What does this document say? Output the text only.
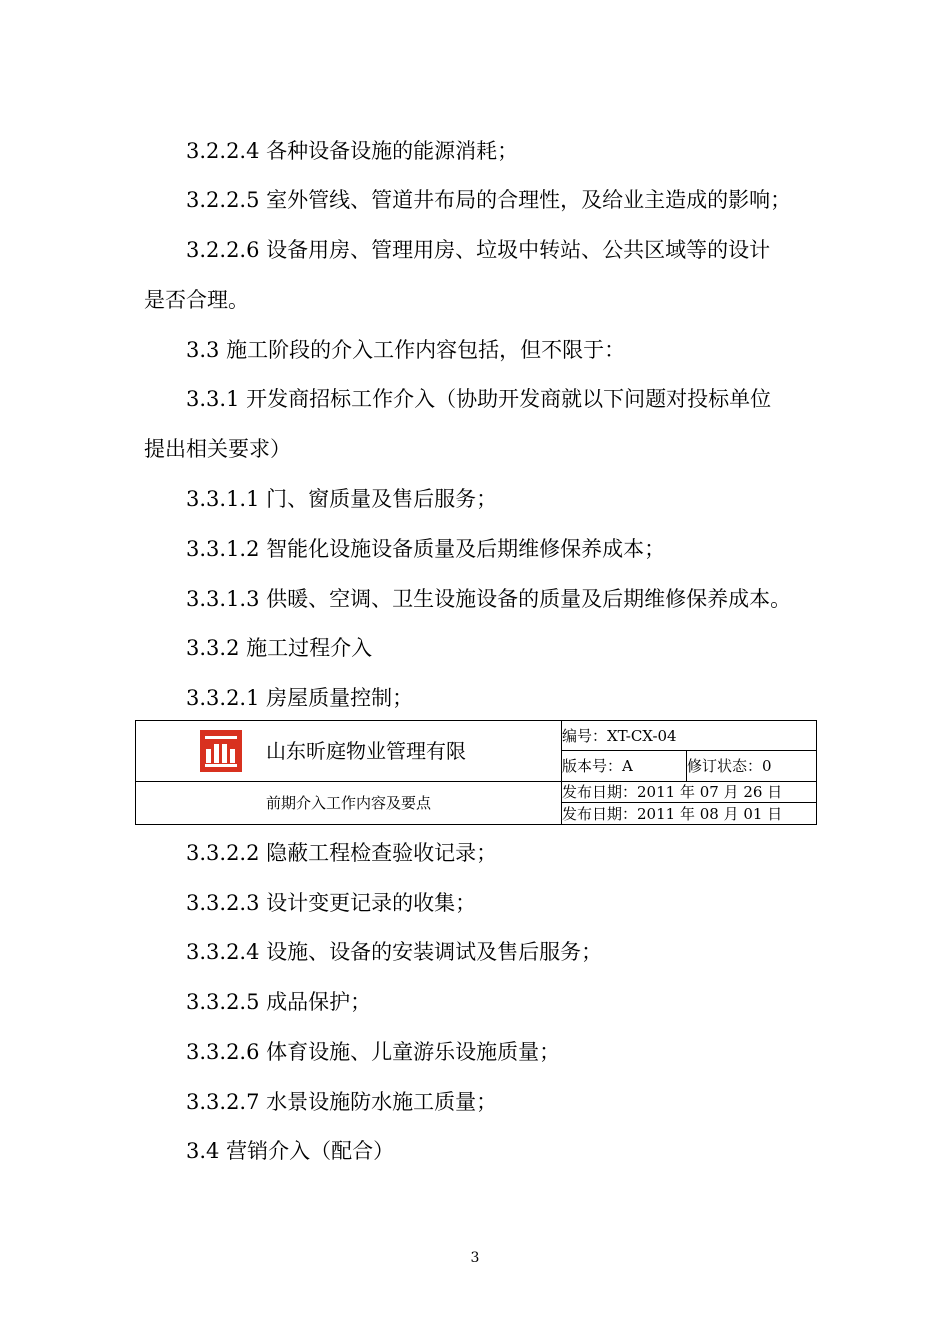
3.2.2.4 各种设备设施的能源消耗；

3.2.2.5 室外管线、管道井布局的合理性，及给业主造成的影响；

3.2.2.6 设备用房、管理用房、垃圾中转站、公共区域等的设计

是否合理。

3.3 施工阶段的介入工作内容包括，但不限于：

3.3.1 开发商招标工作介入（协助开发商就以下问题对投标单位

提出相关要求）

3.3.1.1 门、窗质量及售后服务；

3.3.1.2 智能化设施设备质量及后期维修保养成本；

3.3.1.3 供暖、空调、卫生设施设备的质量及后期维修保养成本。

3.3.2 施工过程介入

3.3.2.1 房屋质量控制；

山东昕庭物业管理有限	编号：XT-CX-04	
	版本号：A	修订状态：0
前期介入工作内容及要点	发布日期：2011 年 07 月 26 日	
	发布日期：2011 年 08 月 01 日	

3.3.2.2 隐蔽工程检查验收记录；

3.3.2.3 设计变更记录的收集；

3.3.2.4 设施、设备的安装调试及售后服务；

3.3.2.5 成品保护；

3.3.2.6 体育设施、儿童游乐设施质量；

3.3.2.7 水景设施防水施工质量；

3.4 营销介入（配合）

3
